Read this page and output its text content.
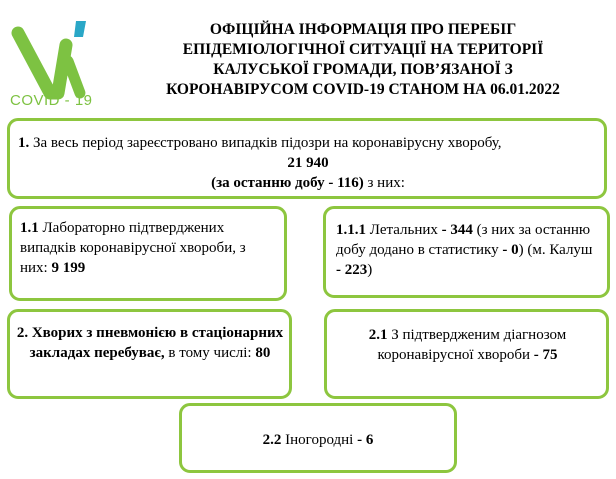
COVID - 19
ОФІЦІЙНА ІНФОРМАЦІЯ ПРО ПЕРЕБІГ
ЕПІДЕМІОЛОГІЧНОЇ СИТУАЦІЇ НА ТЕРИТОРІЇ
КАЛУСЬКОЇ ГРОМАДИ, ПОВ’ЯЗАНОЇ З
КОРОНАВІРУСОМ COVID-19 СТАНОМ НА 06.01.2022
1. За весь період зареєстровано випадків підозри на коронавірусну хворобу,
21 940
(за останню добу - 116) з них:
1.1 Лабораторно підтверджених випадків коронавірусної хвороби, з них: 9 199
1.1.1 Летальних - 344 (з них за останню добу додано в статистику - 0) (м. Калуш - 223)
2. Хворих з пневмонією в стаціонарних закладах перебуває, в тому числі: 80
2.1 З підтвердженим діагнозом коронавірусної хвороби - 75
2.2 Іногородні - 6
